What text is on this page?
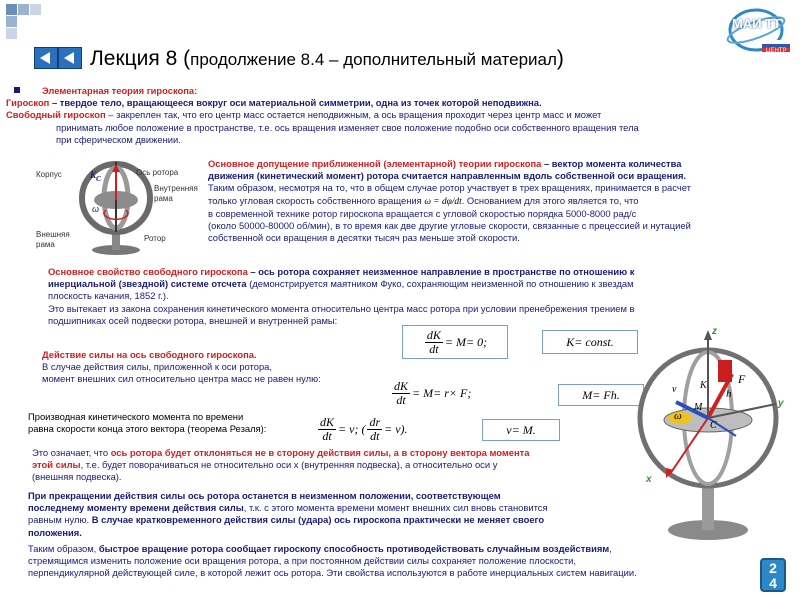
МАИ ТТ
ЦЕНТР
Лекция 8 (продолжение 8.4 – дополнительный материал)
Элементарная теория гироскопа:
Гироскоп – твердое тело, вращающееся вокруг оси материальной симметрии, одна из точек которой неподвижна.
Свободный гироскоп – закреплен так, что его центр масс остается неподвижным, а ось вращения проходит через центр масс и может
принимать любое положение в пространстве, т.е. ось вращения изменяет свое положение подобно оси собственного вращения тела
при сферическом движении.
Корпус	Ось ротора
Внутренняя
рама
Внешняя
рама
Ротор
$K_C$
ω
Основное допущение приближенной (элементарной) теории гироскопа – вектор момента количества
движения (кинетический момент) ротора считается направленным вдоль собственной оси вращения.
Таким образом, несмотря на то, что в общем случае ротор участвует в трех вращениях, принимается в расчет
только угловая скорость собственного вращения ω = dφ/dt. Основанием для этого является то, что
в современной технике ротор гироскопа вращается с угловой скоростью порядка 5000-8000 рад/с
(около 50000-80000 об/мин), в то время как две другие угловые скорости, связанные с прецессией и нутацией
собственной оси вращения в десятки тысяч раз меньше этой скорости.
Основное свойство свободного гироскопа – ось ротора сохраняет неизменное направление в пространстве по отношению к
инерциальной (звездной) системе отсчета (демонстрируется маятником Фуко, сохраняющим неизменной по отношению к звездам
плоскость качания, 1852 г.).
Это вытекает из закона сохранения кинетического момента относительно центра масс ротора при условии пренебрежения трением в
подшипниках осей подвески ротора, внешней и внутренней рамы:
$\frac{dK}{dt} = M = 0$;	K = const.
Действие силы на ось свободного гироскопа.
В случае действия силы, приложенной к оси ротора,
момент внешних сил относительно центра масс не равен нулю:
$\frac{dK}{dt} = M = r \times F$;	M = Fh.
Производная кинетического момента по времени
равна скорости конца этого вектора (теорема Резаля):	$\frac{dK}{dt} = v$ ; ( $\frac{dr}{dt} = v$).	v = M .
Это означает, что ось ротора будет отклоняться не в сторону действия силы, а в сторону вектора момента
этой силы, т.е. будет поворачиваться не относительно оси x (внутренняя подвеска), а относительно оси y
(внешняя подвеска).
При прекращении действия силы ось ротора останется в неизменном положении, соответствующем
последнему моменту времени действия силы, т.к. с этого момента времени момент внешних сил вновь становится
равным нулю. В случае кратковременного действия силы (удара) ось гироскопа практически не меняет своего
положения.
Таким образом, быстрое вращение ротора сообщает гироскопу способность противодействовать случайным воздействиям,
стремящимся изменить положение оси вращения ротора, а при постоянном действии силы сохраняет положение плоскости,
перпендикулярной действующей силе, в которой лежит ось ротора. Эти свойства используются в работе инерциальных систем навигации.
z
y
x
F
h
C
K
v
M
ω
24
